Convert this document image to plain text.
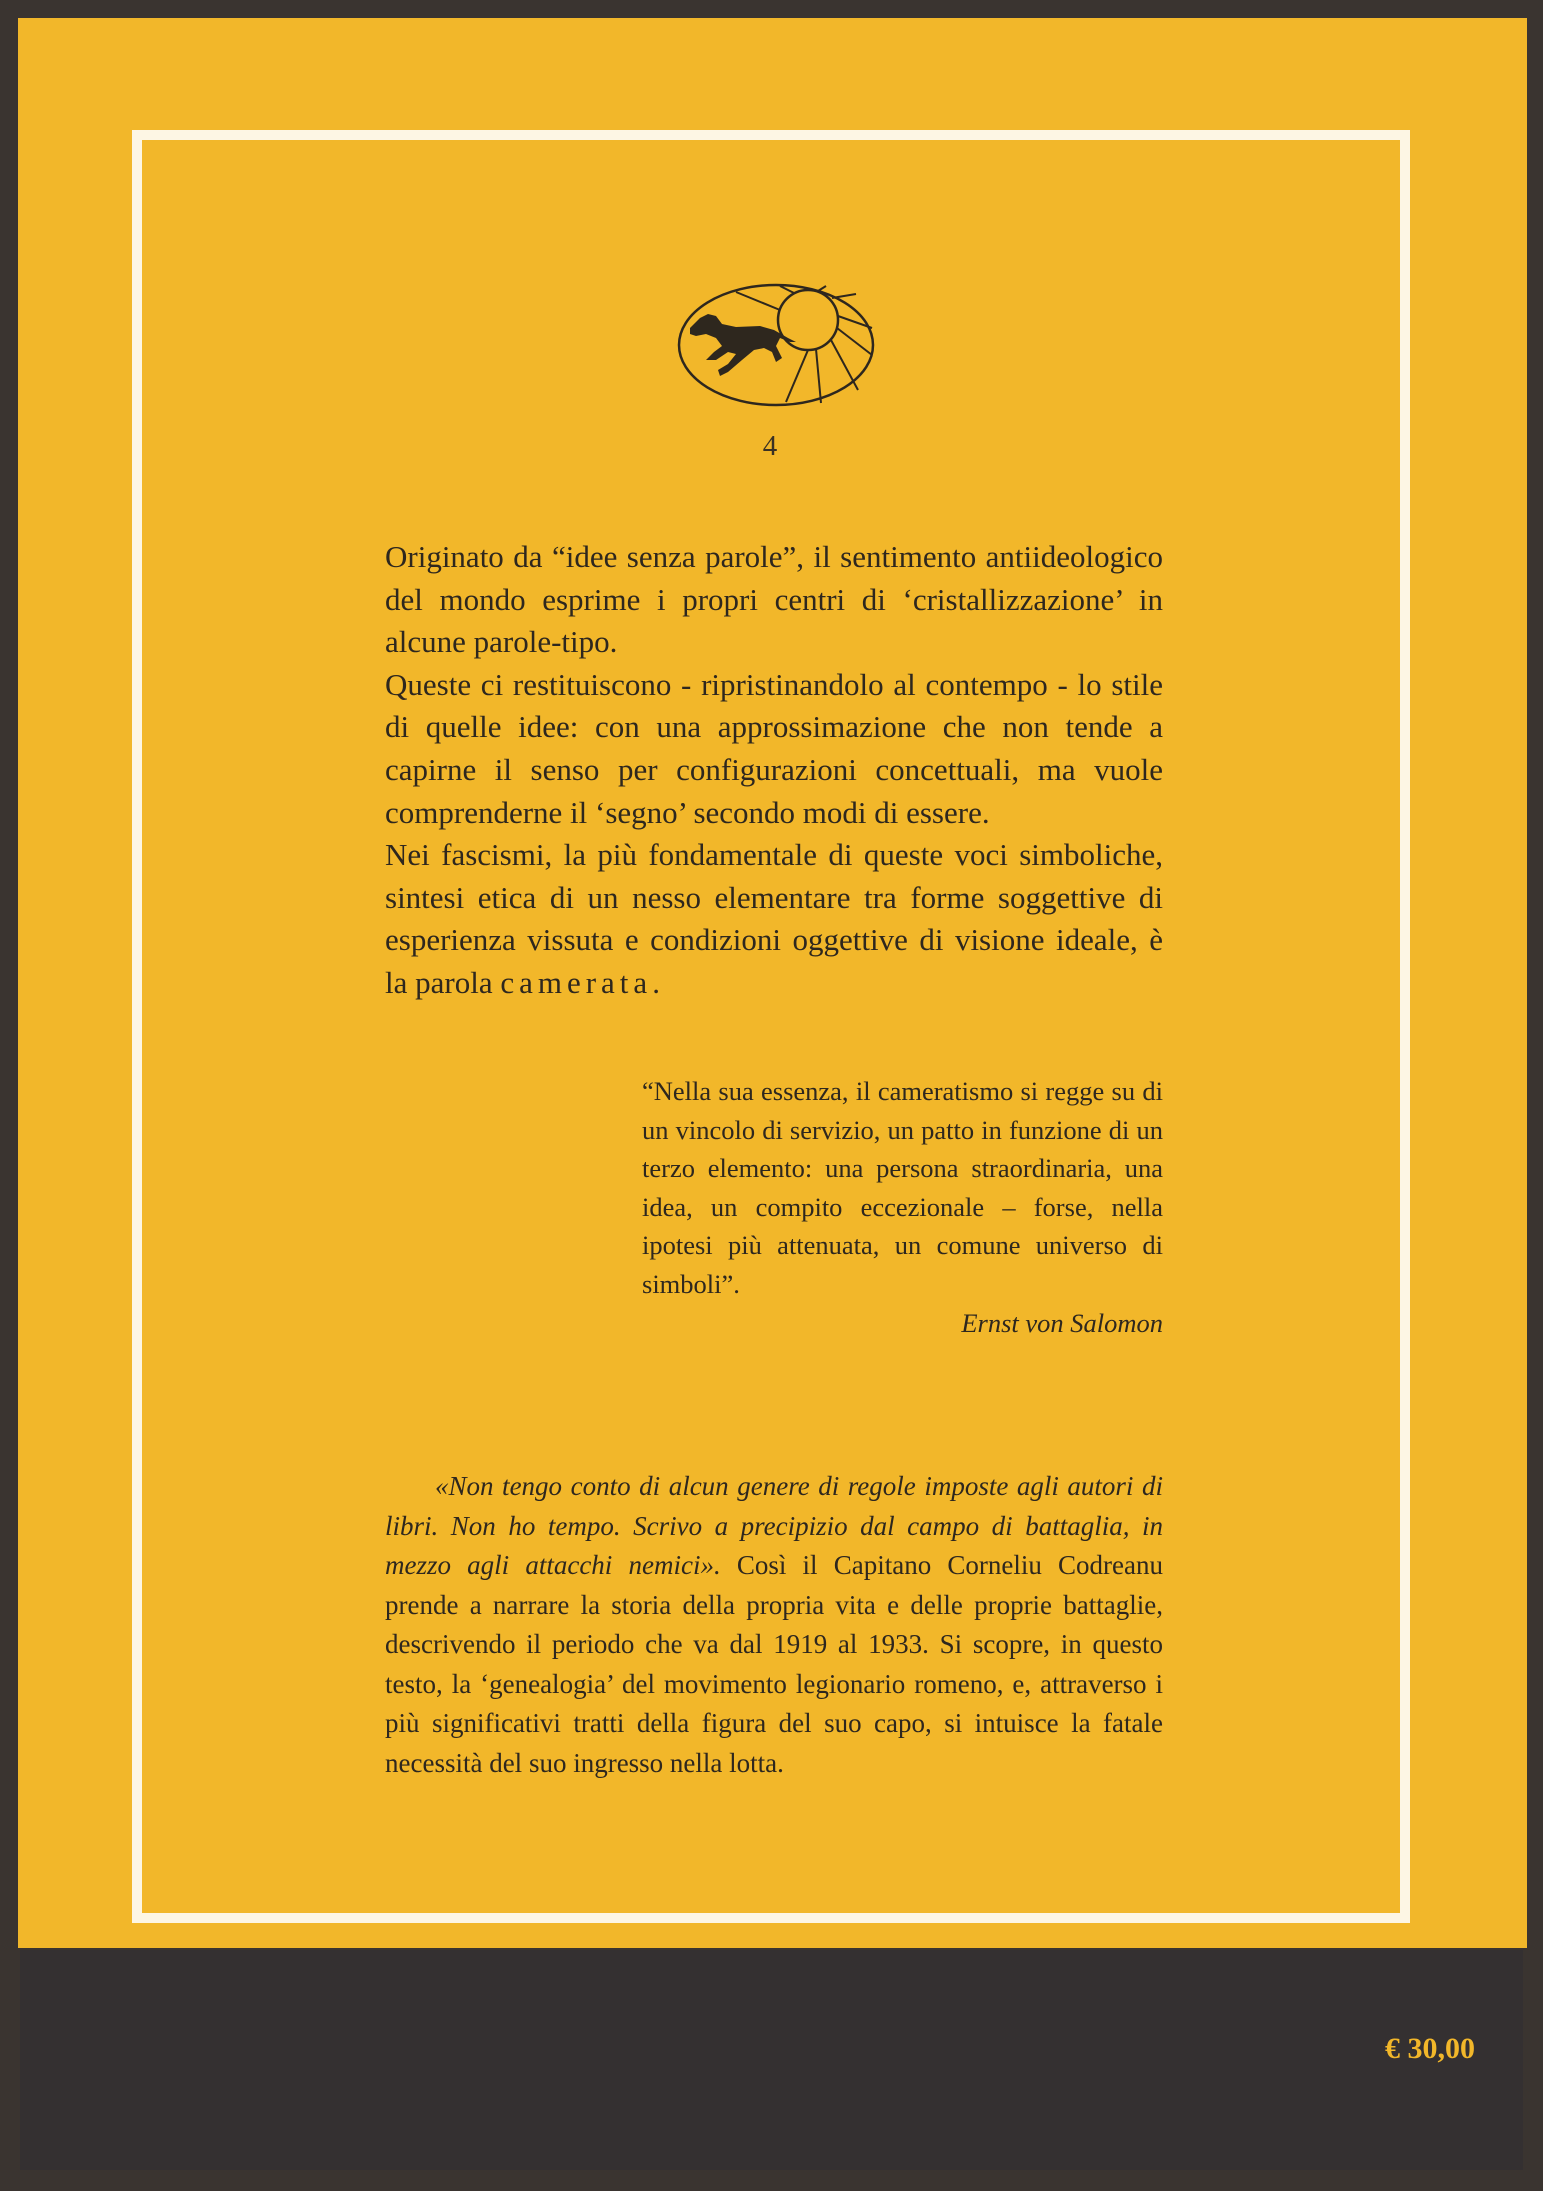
4

Originato da “idee senza parole”, il sentimento antiideologico del mondo esprime i propri centri di ‘cristallizzazione’ in alcune parole-tipo.

Queste ci restituiscono - ripristinandolo al contempo - lo stile di quelle idee: con una approssimazione che non tende a capirne il senso per configurazioni concettuali, ma vuole comprenderne il ‘segno’ secondo modi di essere.

Nei fascismi, la più fondamentale di queste voci simboliche, sintesi etica di un nesso elementare tra forme soggettive di esperienza vissuta e condizioni oggettive di visione ideale, è la parola camerata.

“Nella sua essenza, il cameratismo si regge su di un vincolo di servizio, un patto in funzione di un terzo elemento: una persona straordinaria, una idea, un compito eccezionale – forse, nella ipotesi più attenuata, un comune universo di simboli”.

Ernst von Salomon

«Non tengo conto di alcun genere di regole imposte agli autori di libri. Non ho tempo. Scrivo a precipizio dal campo di battaglia, in mezzo agli attacchi nemici». Così il Capitano Corneliu Codreanu prende a narrare la storia della propria vita e delle proprie battaglie, descrivendo il periodo che va dal 1919 al 1933. Si scopre, in questo testo, la ‘genealogia’ del movimento legionario romeno, e, attraverso i più significativi tratti della figura del suo capo, si intuisce la fatale necessità del suo ingresso nella lotta.

€ 30,00
